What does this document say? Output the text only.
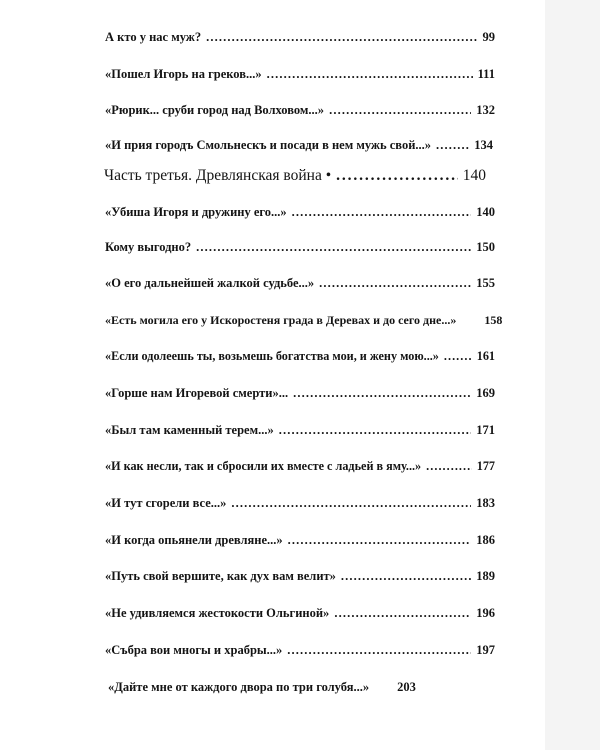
А кто у нас муж? . . .	99
«Пошел Игорь на греков...» . . .	111
«Рюрик... сруби город над Волховом...» . . .	132
«И прия городъ Смольнескъ и посади в нем мужь свой...» . . .	134
Часть третья. Древлянская война • . . .	140
«Убиша Игоря и дружину его...» . . .	140
Кому выгодно? . . .	150
«О его дальнейшей жалкой судьбе...» . . .	155
«Есть могила его у Искоростеня града в Деревах и до сего дне...» 158
«Если одолеешь ты, возьмешь богатства мои, и жену мою...» . . .	161
«Горше нам Игоревой смерти»... . . .	169
«Был там каменный терем...» . . .	171
«И как несли, так и сбросили их вместе с ладьей в яму...» . . .	177
«И тут сгорели все...» . . .	183
«И когда опьянели древляне...» . . .	186
«Путь свой вершите, как дух вам велит» . . .	189
«Не удивляемся жестокости Ольгиной» . . .	196
«Събра вои многы и храбры...» . . .	197
«Дайте мне от каждого двора по три голубя...» 203
